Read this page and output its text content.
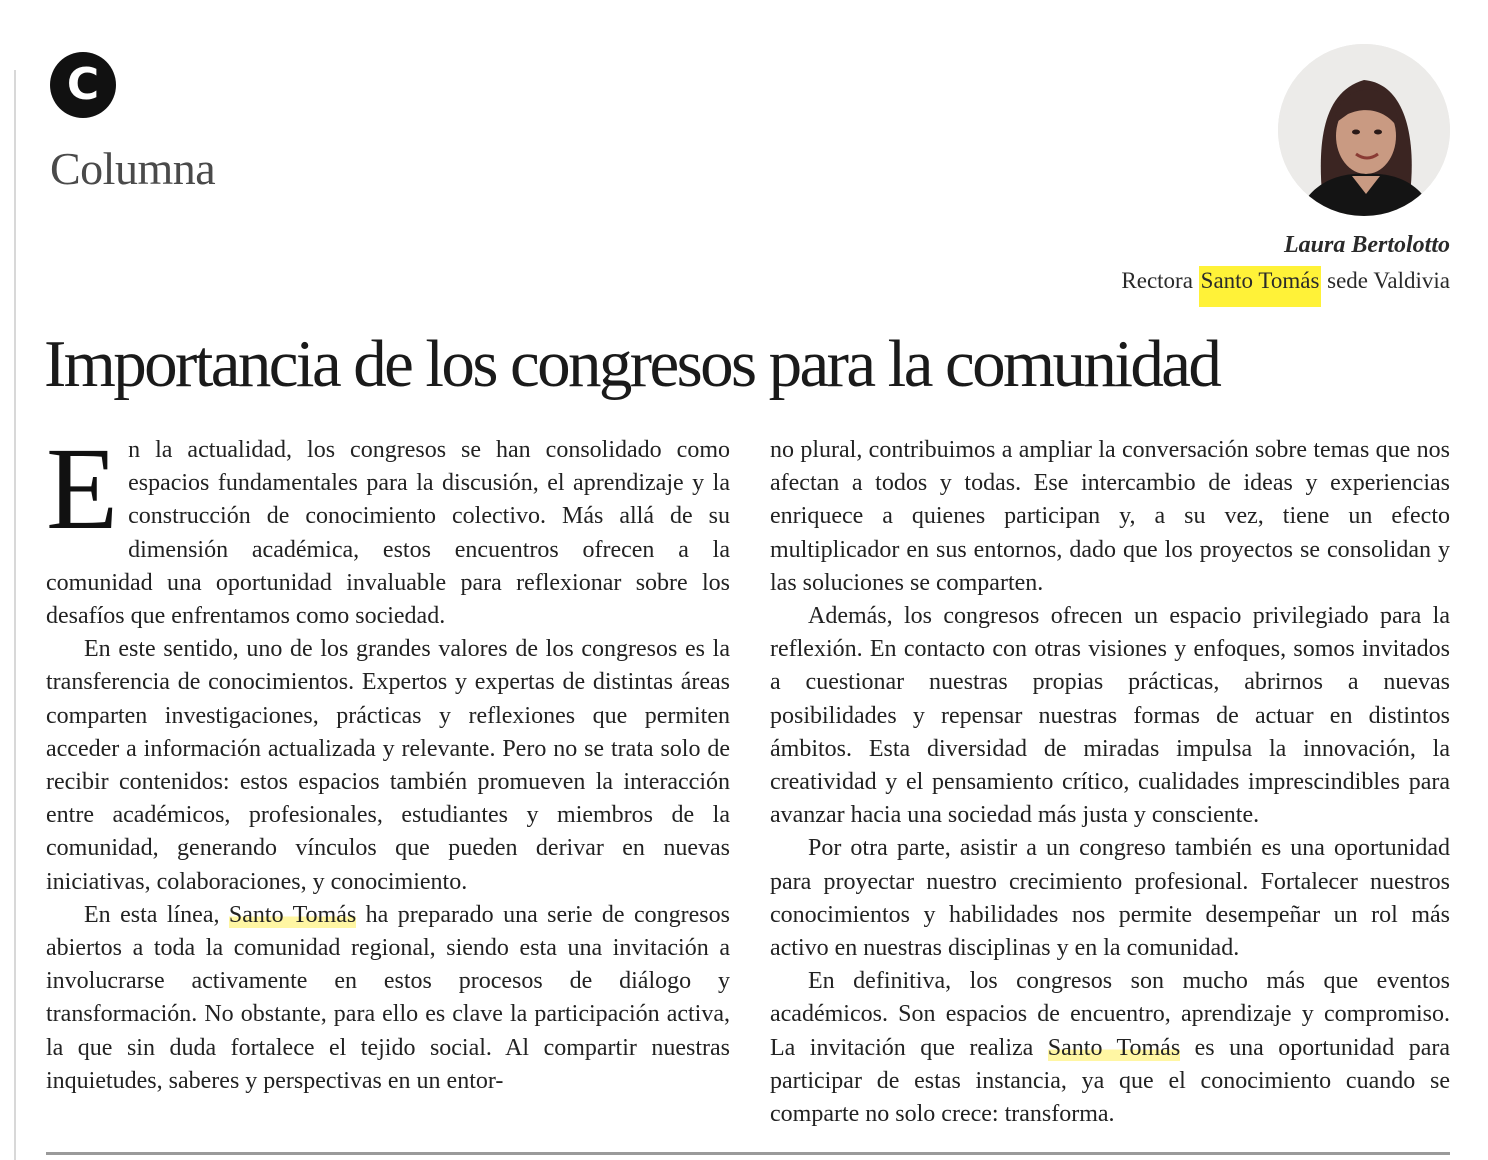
C
Columna
Laura Bertolotto
Rectora Santo Tomás sede Valdivia
Importancia de los congresos para la comunidad

En la actualidad, los congresos se han consolidado como espacios fundamentales para la discusión, el aprendizaje y la construcción de conocimiento colectivo. Más allá de su dimensión académica, estos encuentros ofrecen a la comunidad una oportunidad invaluable para reflexionar sobre los desafíos que enfrentamos como sociedad.

En este sentido, uno de los grandes valores de los congresos es la transferencia de conocimientos. Expertos y expertas de distintas áreas comparten investigaciones, prácticas y reflexiones que permiten acceder a información actualizada y relevante. Pero no se trata solo de recibir contenidos: estos espacios también promueven la interacción entre académicos, profesionales, estudiantes y miembros de la comunidad, generando vínculos que pueden derivar en nuevas iniciativas, colaboraciones, y conocimiento.

En esta línea, Santo Tomás ha preparado una serie de congresos abiertos a toda la comunidad regional, siendo esta una invitación a involucrarse activamente en estos procesos de diálogo y transformación. No obstante, para ello es clave la participación activa, la que sin duda fortalece el tejido social. Al compartir nuestras inquietudes, saberes y perspectivas en un entor-

no plural, contribuimos a ampliar la conversación sobre temas que nos afectan a todos y todas. Ese intercambio de ideas y experiencias enriquece a quienes participan y, a su vez, tiene un efecto multiplicador en sus entornos, dado que los proyectos se consolidan y las soluciones se comparten.

Además, los congresos ofrecen un espacio privilegiado para la reflexión. En contacto con otras visiones y enfoques, somos invitados a cuestionar nuestras propias prácticas, abrirnos a nuevas posibilidades y repensar nuestras formas de actuar en distintos ámbitos. Esta diversidad de miradas impulsa la innovación, la creatividad y el pensamiento crítico, cualidades imprescindibles para avanzar hacia una sociedad más justa y consciente.

Por otra parte, asistir a un congreso también es una oportunidad para proyectar nuestro crecimiento profesional. Fortalecer nuestros conocimientos y habilidades nos permite desempeñar un rol más activo en nuestras disciplinas y en la comunidad.

En definitiva, los congresos son mucho más que eventos académicos. Son espacios de encuentro, aprendizaje y compromiso. La invitación que realiza Santo Tomás es una oportunidad para participar de estas instancia, ya que el conocimiento cuando se comparte no solo crece: transforma.
